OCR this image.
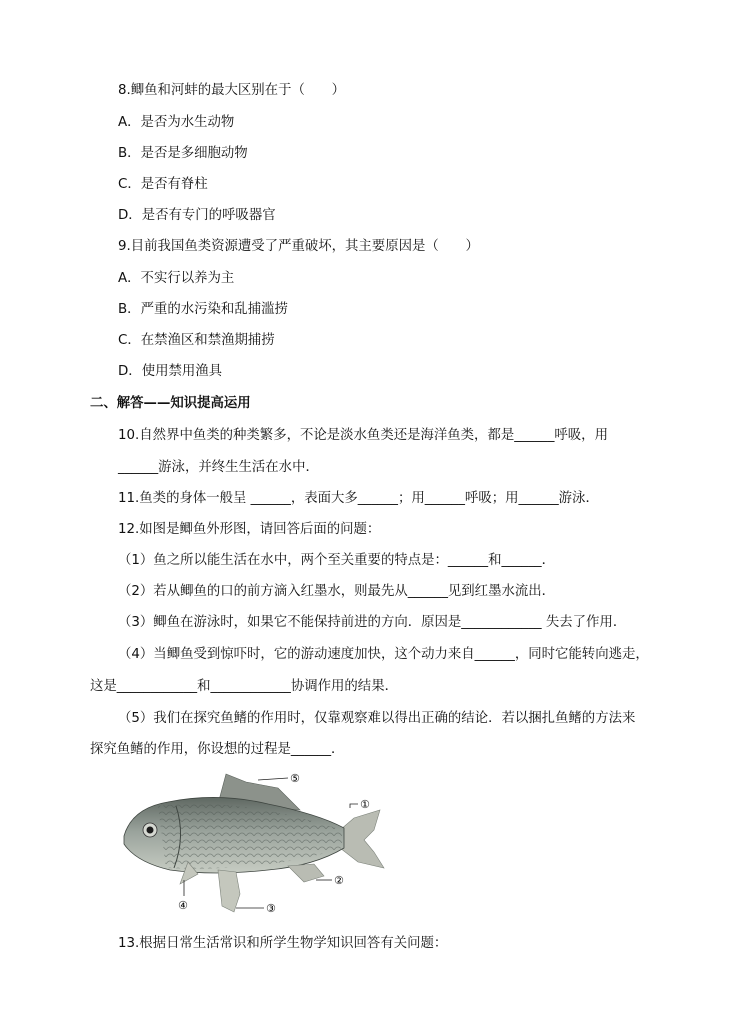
8.鲫鱼和河蚌的最大区别在于（　　）
A．是否为水生动物
B．是否是多细胞动物
C．是否有脊柱
D．是否有专门的呼吸器官
9.目前我国鱼类资源遭受了严重破坏，其主要原因是（　　）
A．不实行以养为主
B．严重的水污染和乱捕滥捞
C．在禁渔区和禁渔期捕捞
D．使用禁用渔具
二、解答——知识提高运用
10.自然界中鱼类的种类繁多，不论是淡水鱼类还是海洋鱼类，都是______呼吸，用
______游泳，并终生生活在水中．
11.鱼类的身体一般呈 ______，表面大多______；用______呼吸；用______游泳．
12.如图是鲫鱼外形图，请回答后面的问题：
（1）鱼之所以能生活在水中，两个至关重要的特点是：______和______．
（2）若从鲫鱼的口的前方滴入红墨水，则最先从______见到红墨水流出．
（3）鲫鱼在游泳时，如果它不能保持前进的方向．原因是____________ 失去了作用．
（4）当鲫鱼受到惊吓时，它的游动速度加快，这个动力来自______，同时它能转向逃走，
这是____________和____________协调作用的结果．
（5）我们在探究鱼鳍的作用时，仅靠观察难以得出正确的结论．若以捆扎鱼鳍的方法来
探究鱼鳍的作用，你设想的过程是______．
⑤
①
②
④	③
13.根据日常生活常识和所学生物学知识回答有关问题：
